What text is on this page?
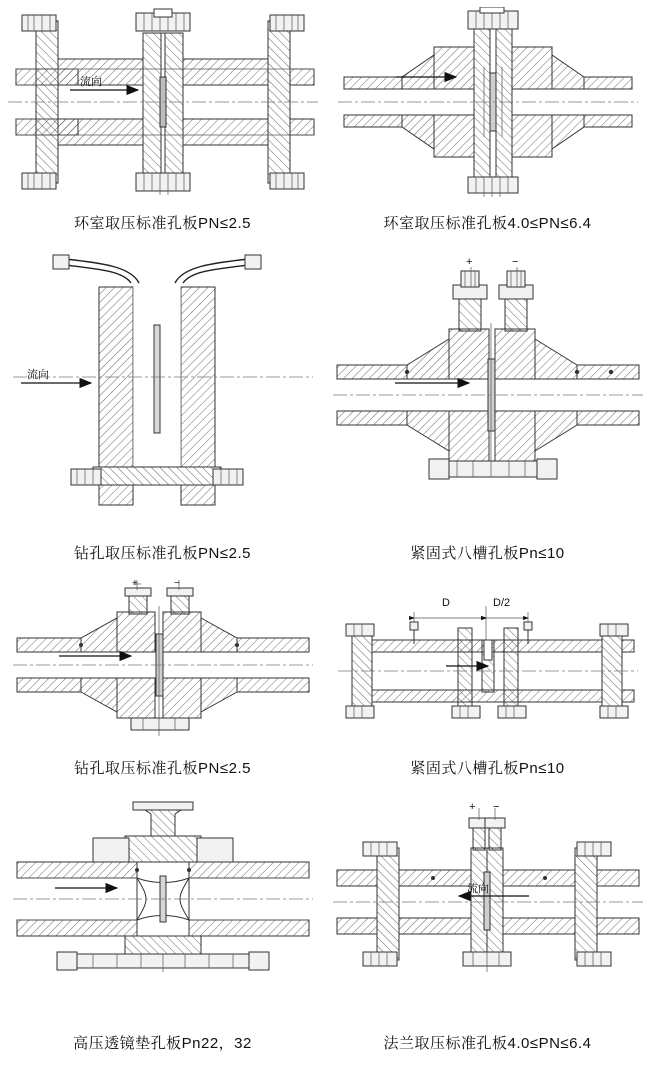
流向
环室取压标准孔板PN≤2.5	环室取压标准孔板4.0≤PN≤6.4
流向
钻孔取压标准孔板PN≤2.5
+	−
紧固式八槽孔板Pn≤10
+	−
钻孔取压标准孔板PN≤2.5
D	D/2
紧固式八槽孔板Pn≤10
高压透镜垫孔板Pn22，32
+ −
流向
法兰取压标准孔板4.0≤PN≤6.4
